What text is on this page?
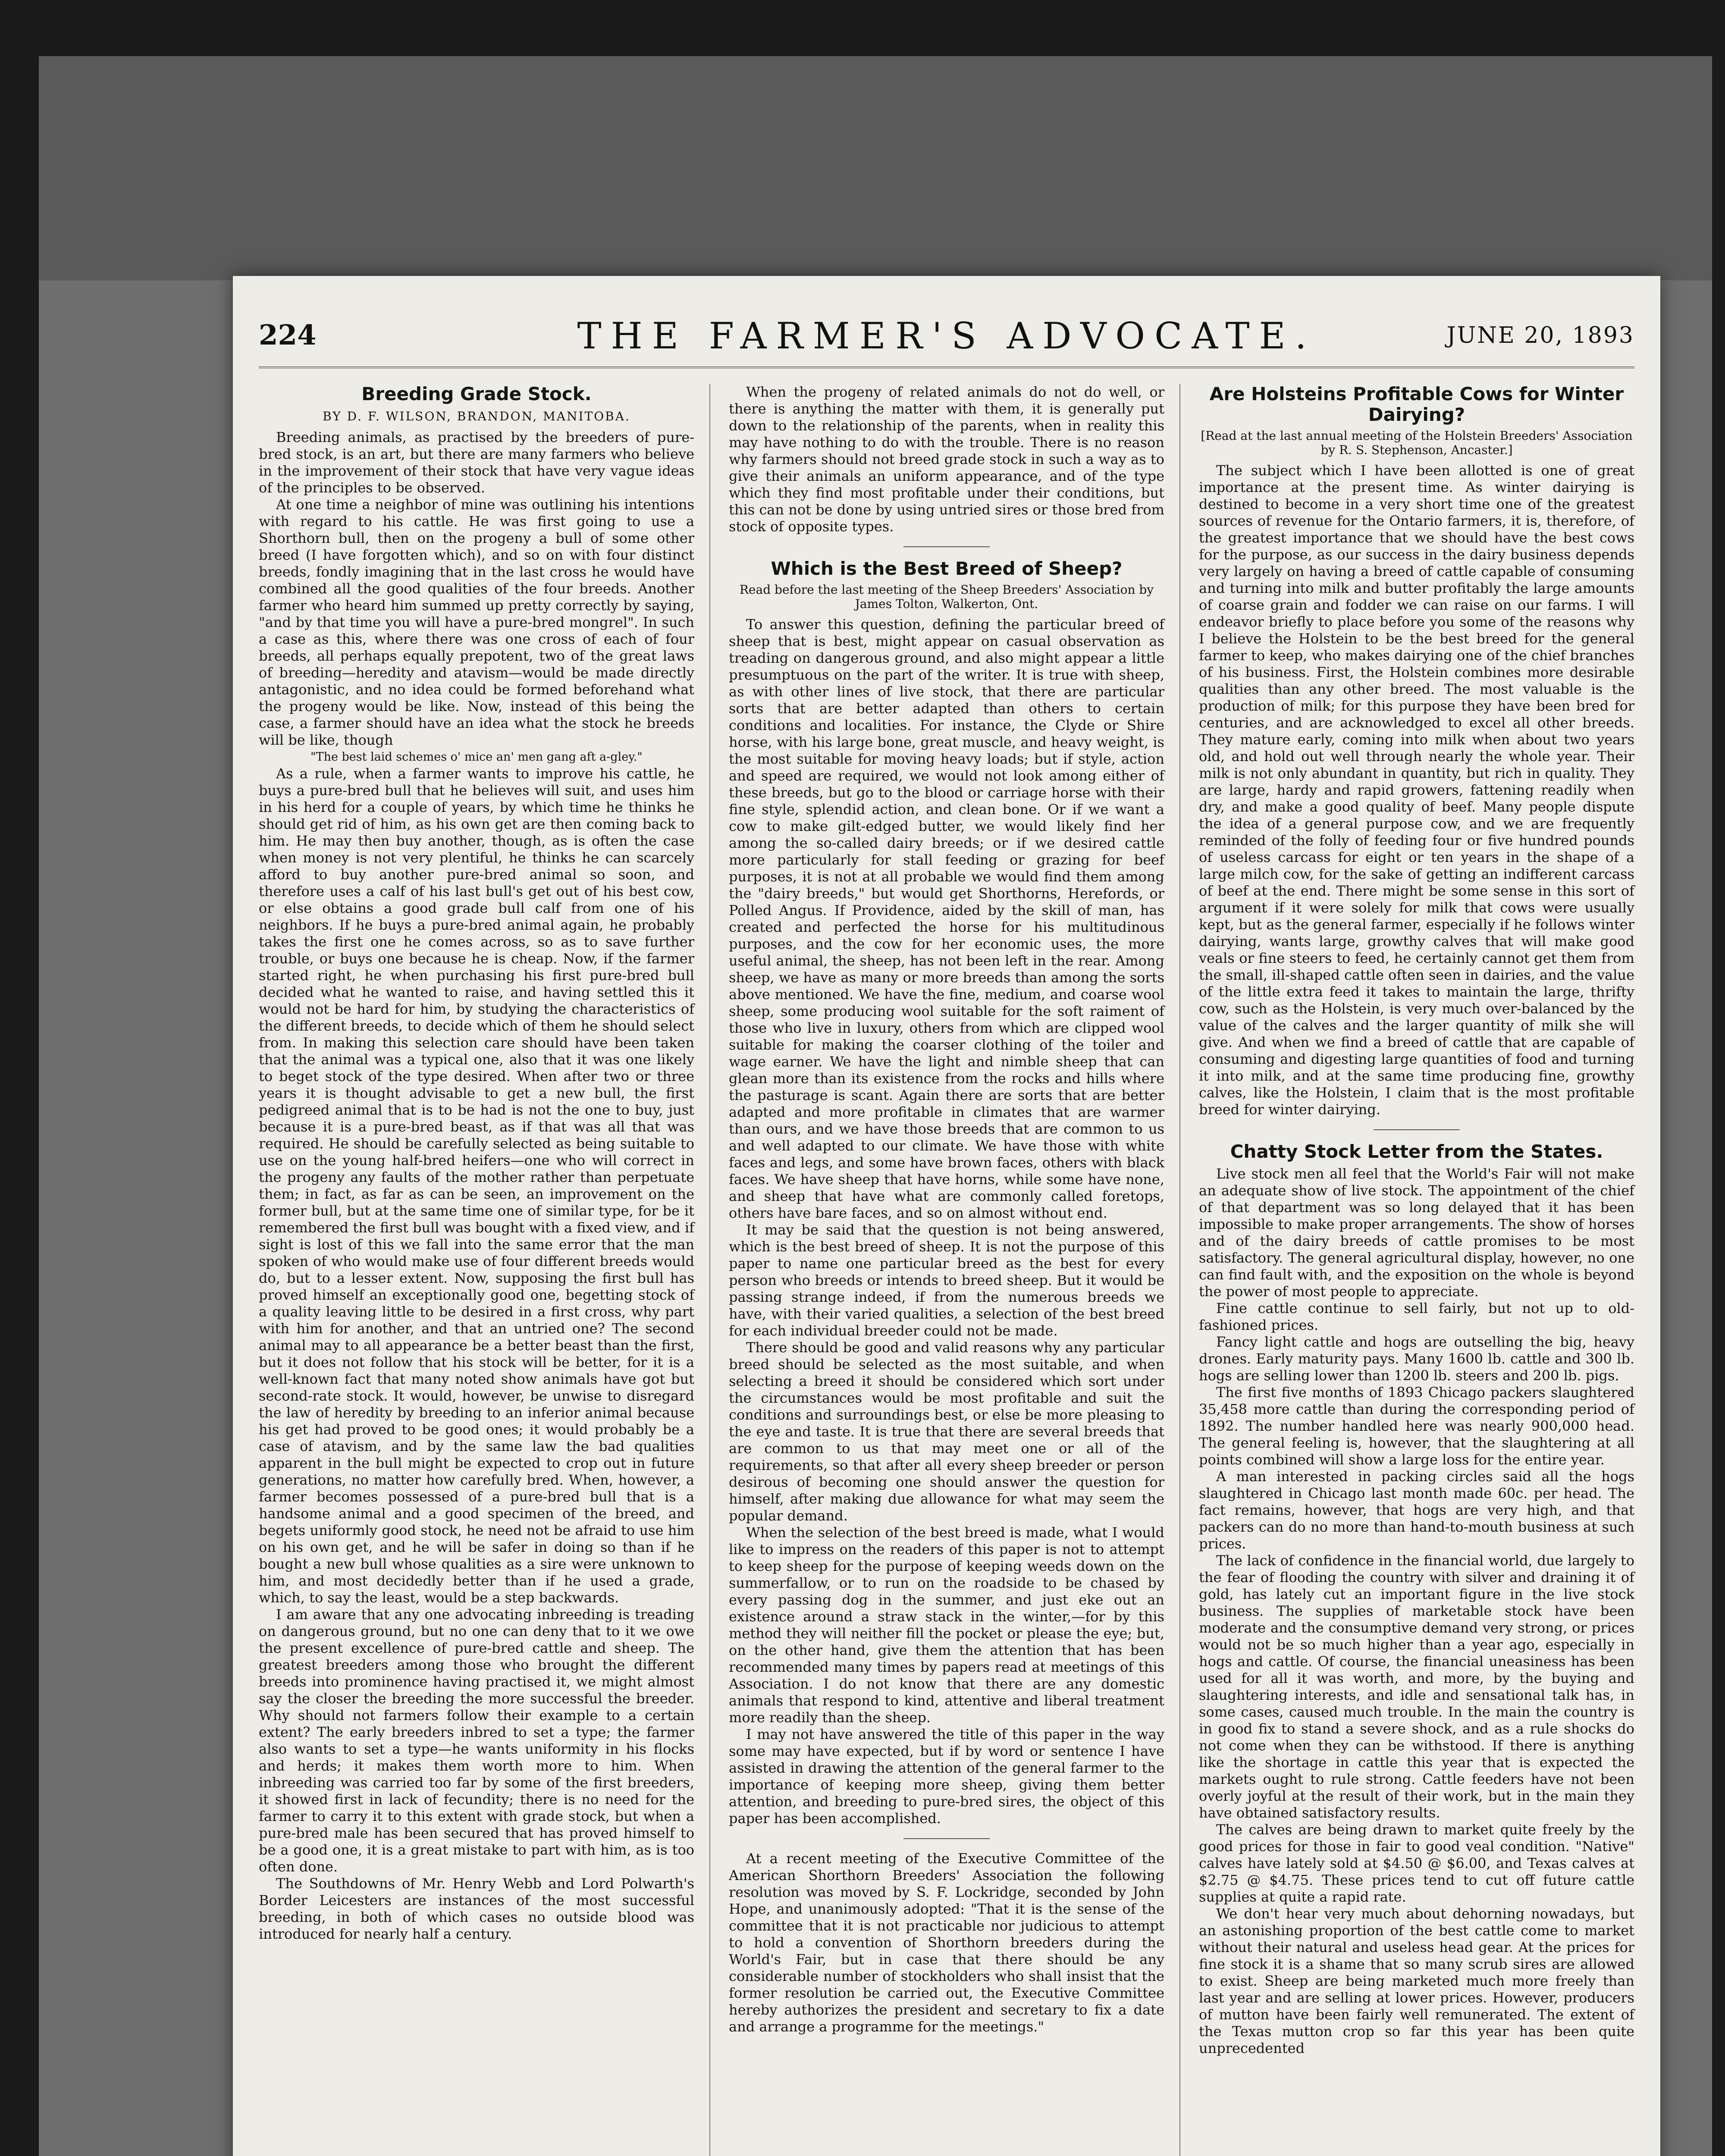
224	THE FARMER'S ADVOCATE.	JUNE 20, 1893
Breeding Grade Stock.
BY D. F. WILSON, BRANDON, MANITOBA.

Breeding animals, as practised by the breeders of pure-bred stock, is an art, but there are many farmers who believe in the improvement of their stock that have very vague ideas of the principles to be observed.

At one time a neighbor of mine was outlining his intentions with regard to his cattle. He was first going to use a Shorthorn bull, then on the progeny a bull of some other breed (I have forgotten which), and so on with four distinct breeds, fondly imagining that in the last cross he would have combined all the good qualities of the four breeds. Another farmer who heard him summed up pretty correctly by saying, "and by that time you will have a pure-bred mongrel". In such a case as this, where there was one cross of each of four breeds, all perhaps equally prepotent, two of the great laws of breeding—heredity and atavism—would be made directly antagonistic, and no idea could be formed beforehand what the progeny would be like. Now, instead of this being the case, a farmer should have an idea what the stock he breeds will be like, though

"The best laid schemes o' mice an' men gang aft a-gley."

As a rule, when a farmer wants to improve his cattle, he buys a pure-bred bull that he believes will suit, and uses him in his herd for a couple of years, by which time he thinks he should get rid of him, as his own get are then coming back to him. He may then buy another, though, as is often the case when money is not very plentiful, he thinks he can scarcely afford to buy another pure-bred animal so soon, and therefore uses a calf of his last bull's get out of his best cow, or else obtains a good grade bull calf from one of his neighbors. If he buys a pure-bred animal again, he probably takes the first one he comes across, so as to save further trouble, or buys one because he is cheap. Now, if the farmer started right, he when purchasing his first pure-bred bull decided what he wanted to raise, and having settled this it would not be hard for him, by studying the characteristics of the different breeds, to decide which of them he should select from. In making this selection care should have been taken that the animal was a typical one, also that it was one likely to beget stock of the type desired. When after two or three years it is thought advisable to get a new bull, the first pedigreed animal that is to be had is not the one to buy, just because it is a pure-bred beast, as if that was all that was required. He should be carefully selected as being suitable to use on the young half-bred heifers—one who will correct in the progeny any faults of the mother rather than perpetuate them; in fact, as far as can be seen, an improvement on the former bull, but at the same time one of similar type, for be it remembered the first bull was bought with a fixed view, and if sight is lost of this we fall into the same error that the man spoken of who would make use of four different breeds would do, but to a lesser extent. Now, supposing the first bull has proved himself an exceptionally good one, begetting stock of a quality leaving little to be desired in a first cross, why part with him for another, and that an untried one? The second animal may to all appearance be a better beast than the first, but it does not follow that his stock will be better, for it is a well-known fact that many noted show animals have got but second-rate stock. It would, however, be unwise to disregard the law of heredity by breeding to an inferior animal because his get had proved to be good ones; it would probably be a case of atavism, and by the same law the bad qualities apparent in the bull might be expected to crop out in future generations, no matter how carefully bred. When, however, a farmer becomes possessed of a pure-bred bull that is a handsome animal and a good specimen of the breed, and begets uniformly good stock, he need not be afraid to use him on his own get, and he will be safer in doing so than if he bought a new bull whose qualities as a sire were unknown to him, and most decidedly better than if he used a grade, which, to say the least, would be a step backwards.

I am aware that any one advocating inbreeding is treading on dangerous ground, but no one can deny that to it we owe the present excellence of pure-bred cattle and sheep. The greatest breeders among those who brought the different breeds into prominence having practised it, we might almost say the closer the breeding the more successful the breeder. Why should not farmers follow their example to a certain extent? The early breeders inbred to set a type; the farmer also wants to set a type—he wants uniformity in his flocks and herds; it makes them worth more to him. When inbreeding was carried too far by some of the first breeders, it showed first in lack of fecundity; there is no need for the farmer to carry it to this extent with grade stock, but when a pure-bred male has been secured that has proved himself to be a good one, it is a great mistake to part with him, as is too often done.

The Southdowns of Mr. Henry Webb and Lord Polwarth's Border Leicesters are instances of the most successful breeding, in both of which cases no outside blood was introduced for nearly half a century.

When the progeny of related animals do not do well, or there is anything the matter with them, it is generally put down to the relationship of the parents, when in reality this may have nothing to do with the trouble. There is no reason why farmers should not breed grade stock in such a way as to give their animals an uniform appearance, and of the type which they find most profitable under their conditions, but this can not be done by using untried sires or those bred from stock of opposite types.

Which is the Best Breed of Sheep?
Read before the last meeting of the Sheep Breeders' Association by James Tolton, Walkerton, Ont.

To answer this question, defining the particular breed of sheep that is best, might appear on casual observation as treading on dangerous ground, and also might appear a little presumptuous on the part of the writer. It is true with sheep, as with other lines of live stock, that there are particular sorts that are better adapted than others to certain conditions and localities. For instance, the Clyde or Shire horse, with his large bone, great muscle, and heavy weight, is the most suitable for moving heavy loads; but if style, action and speed are required, we would not look among either of these breeds, but go to the blood or carriage horse with their fine style, splendid action, and clean bone. Or if we want a cow to make gilt-edged butter, we would likely find her among the so-called dairy breeds; or if we desired cattle more particularly for stall feeding or grazing for beef purposes, it is not at all probable we would find them among the "dairy breeds," but would get Shorthorns, Herefords, or Polled Angus. If Providence, aided by the skill of man, has created and perfected the horse for his multitudinous purposes, and the cow for her economic uses, the more useful animal, the sheep, has not been left in the rear. Among sheep, we have as many or more breeds than among the sorts above mentioned. We have the fine, medium, and coarse wool sheep, some producing wool suitable for the soft raiment of those who live in luxury, others from which are clipped wool suitable for making the coarser clothing of the toiler and wage earner. We have the light and nimble sheep that can glean more than its existence from the rocks and hills where the pasturage is scant. Again there are sorts that are better adapted and more profitable in climates that are warmer than ours, and we have those breeds that are common to us and well adapted to our climate. We have those with white faces and legs, and some have brown faces, others with black faces. We have sheep that have horns, while some have none, and sheep that have what are commonly called foretops, others have bare faces, and so on almost without end.

It may be said that the question is not being answered, which is the best breed of sheep. It is not the purpose of this paper to name one particular breed as the best for every person who breeds or intends to breed sheep. But it would be passing strange indeed, if from the numerous breeds we have, with their varied qualities, a selection of the best breed for each individual breeder could not be made.

There should be good and valid reasons why any particular breed should be selected as the most suitable, and when selecting a breed it should be considered which sort under the circumstances would be most profitable and suit the conditions and surroundings best, or else be more pleasing to the eye and taste. It is true that there are several breeds that are common to us that may meet one or all of the requirements, so that after all every sheep breeder or person desirous of becoming one should answer the question for himself, after making due allowance for what may seem the popular demand.

When the selection of the best breed is made, what I would like to impress on the readers of this paper is not to attempt to keep sheep for the purpose of keeping weeds down on the summerfallow, or to run on the roadside to be chased by every passing dog in the summer, and just eke out an existence around a straw stack in the winter,—for by this method they will neither fill the pocket or please the eye; but, on the other hand, give them the attention that has been recommended many times by papers read at meetings of this Association. I do not know that there are any domestic animals that respond to kind, attentive and liberal treatment more readily than the sheep.

I may not have answered the title of this paper in the way some may have expected, but if by word or sentence I have assisted in drawing the attention of the general farmer to the importance of keeping more sheep, giving them better attention, and breeding to pure-bred sires, the object of this paper has been accomplished.

At a recent meeting of the Executive Committee of the American Shorthorn Breeders' Association the following resolution was moved by S. F. Lockridge, seconded by John Hope, and unanimously adopted: "That it is the sense of the committee that it is not practicable nor judicious to attempt to hold a convention of Shorthorn breeders during the World's Fair, but in case that there should be any considerable number of stockholders who shall insist that the former resolution be carried out, the Executive Committee hereby authorizes the president and secretary to fix a date and arrange a programme for the meetings."

Are Holsteins Profitable Cows for Winter Dairying?
[Read at the last annual meeting of the Holstein Breeders' Association by R. S. Stephenson, Ancaster.]

The subject which I have been allotted is one of great importance at the present time. As winter dairying is destined to become in a very short time one of the greatest sources of revenue for the Ontario farmers, it is, therefore, of the greatest importance that we should have the best cows for the purpose, as our success in the dairy business depends very largely on having a breed of cattle capable of consuming and turning into milk and butter profitably the large amounts of coarse grain and fodder we can raise on our farms. I will endeavor briefly to place before you some of the reasons why I believe the Holstein to be the best breed for the general farmer to keep, who makes dairying one of the chief branches of his business. First, the Holstein combines more desirable qualities than any other breed. The most valuable is the production of milk; for this purpose they have been bred for centuries, and are acknowledged to excel all other breeds. They mature early, coming into milk when about two years old, and hold out well through nearly the whole year. Their milk is not only abundant in quantity, but rich in quality. They are large, hardy and rapid growers, fattening readily when dry, and make a good quality of beef. Many people dispute the idea of a general purpose cow, and we are frequently reminded of the folly of feeding four or five hundred pounds of useless carcass for eight or ten years in the shape of a large milch cow, for the sake of getting an indifferent carcass of beef at the end. There might be some sense in this sort of argument if it were solely for milk that cows were usually kept, but as the general farmer, especially if he follows winter dairying, wants large, growthy calves that will make good veals or fine steers to feed, he certainly cannot get them from the small, ill-shaped cattle often seen in dairies, and the value of the little extra feed it takes to maintain the large, thrifty cow, such as the Holstein, is very much over-balanced by the value of the calves and the larger quantity of milk she will give. And when we find a breed of cattle that are capable of consuming and digesting large quantities of food and turning it into milk, and at the same time producing fine, growthy calves, like the Holstein, I claim that is the most profitable breed for winter dairying.

Chatty Stock Letter from the States.

Live stock men all feel that the World's Fair will not make an adequate show of live stock. The appointment of the chief of that department was so long delayed that it has been impossible to make proper arrangements. The show of horses and of the dairy breeds of cattle promises to be most satisfactory. The general agricultural display, however, no one can find fault with, and the exposition on the whole is beyond the power of most people to appreciate.

Fine cattle continue to sell fairly, but not up to old-fashioned prices.

Fancy light cattle and hogs are outselling the big, heavy drones. Early maturity pays. Many 1600 lb. cattle and 300 lb. hogs are selling lower than 1200 lb. steers and 200 lb. pigs.

The first five months of 1893 Chicago packers slaughtered 35,458 more cattle than during the corresponding period of 1892. The number handled here was nearly 900,000 head. The general feeling is, however, that the slaughtering at all points combined will show a large loss for the entire year.

A man interested in packing circles said all the hogs slaughtered in Chicago last month made 60c. per head. The fact remains, however, that hogs are very high, and that packers can do no more than hand-to-mouth business at such prices.

The lack of confidence in the financial world, due largely to the fear of flooding the country with silver and draining it of gold, has lately cut an important figure in the live stock business. The supplies of marketable stock have been moderate and the consumptive demand very strong, or prices would not be so much higher than a year ago, especially in hogs and cattle. Of course, the financial uneasiness has been used for all it was worth, and more, by the buying and slaughtering interests, and idle and sensational talk has, in some cases, caused much trouble. In the main the country is in good fix to stand a severe shock, and as a rule shocks do not come when they can be withstood. If there is anything like the shortage in cattle this year that is expected the markets ought to rule strong. Cattle feeders have not been overly joyful at the result of their work, but in the main they have obtained satisfactory results.

The calves are being drawn to market quite freely by the good prices for those in fair to good veal condition. "Native" calves have lately sold at $4.50 @ $6.00, and Texas calves at $2.75 @ $4.75. These prices tend to cut off future cattle supplies at quite a rapid rate.

We don't hear very much about dehorning nowadays, but an astonishing proportion of the best cattle come to market without their natural and useless head gear. At the prices for fine stock it is a shame that so many scrub sires are allowed to exist. Sheep are being marketed much more freely than last year and are selling at lower prices. However, producers of mutton have been fairly well remunerated. The extent of the Texas mutton crop so far this year has been quite unprecedented
